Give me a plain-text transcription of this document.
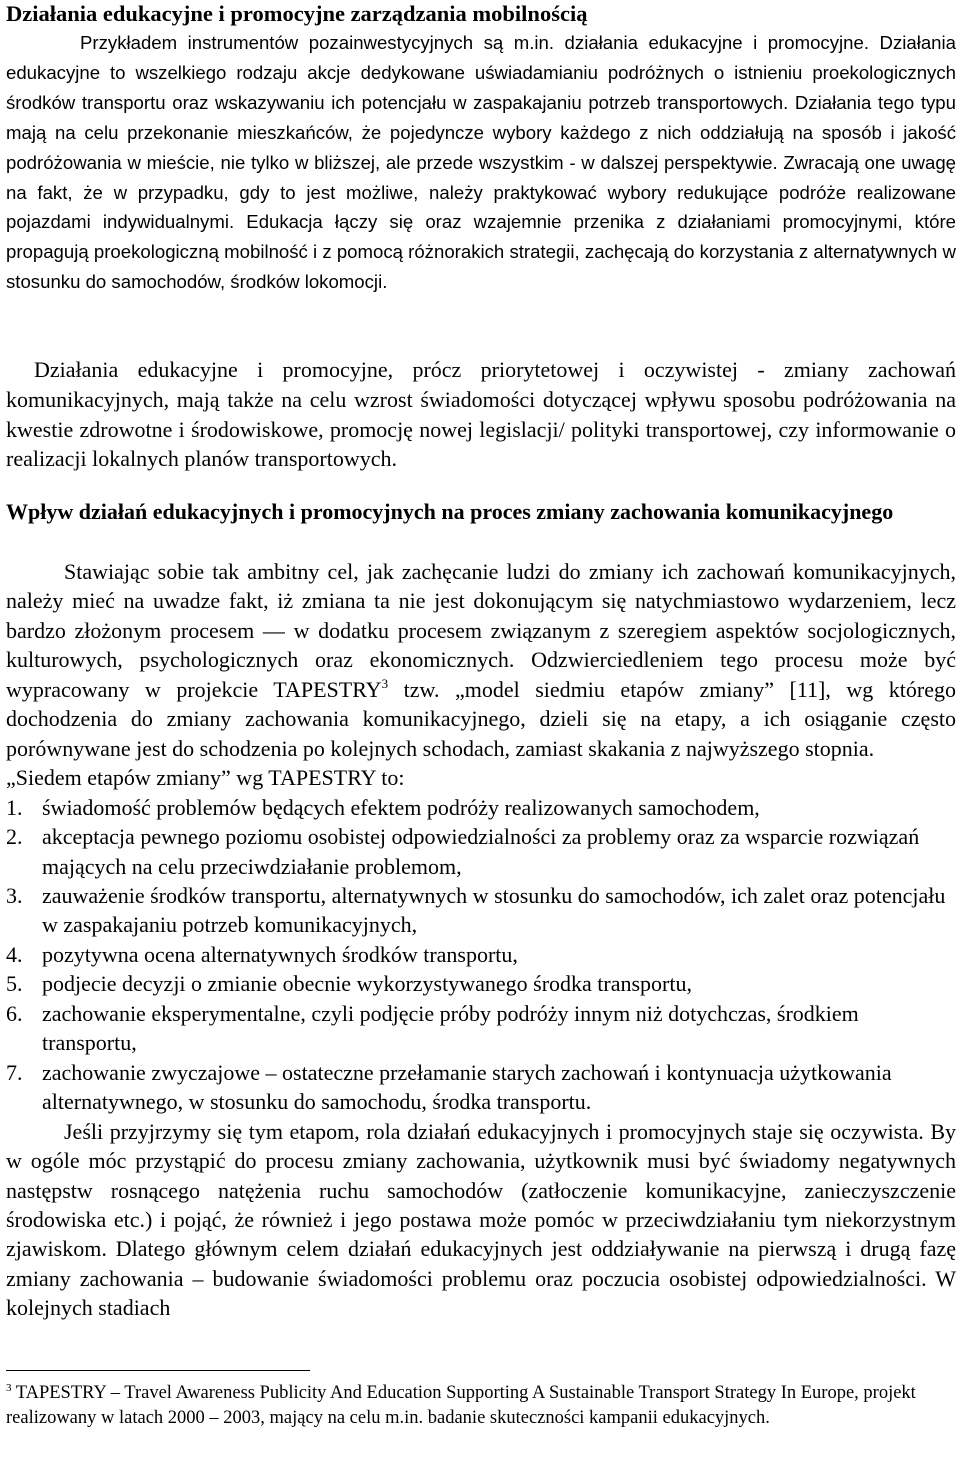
Działania edukacyjne i promocyjne zarządzania mobilnością

Przykładem instrumentów pozainwestycyjnych są m.in. działania edukacyjne i promocyjne. Działania edukacyjne to wszelkiego rodzaju akcje dedykowane uświadamianiu podróżnych o istnieniu proekologicznych środków transportu oraz wskazywaniu ich potencjału w zaspakajaniu potrzeb transportowych. Działania tego typu mają na celu przekonanie mieszkańców, że pojedyncze wybory każdego z nich oddziałują na sposób i jakość podróżowania w mieście, nie tylko w bliższej, ale przede wszystkim - w dalszej perspektywie. Zwracają one uwagę na fakt, że w przypadku, gdy to jest możliwe, należy praktykować wybory redukujące podróże realizowane pojazdami indywidualnymi. Edukacja łączy się oraz wzajemnie przenika z działaniami promocyjnymi, które propagują proekologiczną mobilność i z pomocą różnorakich strategii, zachęcają do korzystania z alternatywnych w stosunku do samochodów, środków lokomocji.

Działania edukacyjne i promocyjne, prócz priorytetowej i oczywistej - zmiany zachowań komunikacyjnych, mają także na celu wzrost świadomości dotyczącej wpływu sposobu podróżowania na kwestie zdrowotne i środowiskowe, promocję nowej legislacji/ polityki transportowej, czy informowanie o realizacji lokalnych planów transportowych.

Wpływ działań edukacyjnych i promocyjnych na proces zmiany zachowania komunikacyjnego

Stawiając sobie tak ambitny cel, jak zachęcanie ludzi do zmiany ich zachowań komunikacyjnych, należy mieć na uwadze fakt, iż zmiana ta nie jest dokonującym się natychmiastowo wydarzeniem, lecz bardzo złożonym procesem — w dodatku procesem związanym z szeregiem aspektów socjologicznych, kulturowych, psychologicznych oraz ekonomicznych. Odzwierciedleniem tego procesu może być wypracowany w projekcie TAPESTRY$^3$ tzw. „model siedmiu etapów zmiany” [11], wg którego dochodzenia do zmiany zachowania komunikacyjnego, dzieli się na etapy, a ich osiąganie często porównywane jest do schodzenia po kolejnych schodach, zamiast skakania z najwyższego stopnia.

„Siedem etapów zmiany” wg TAPESTRY to:

1. świadomość problemów będących efektem podróży realizowanych samochodem,
2. akceptacja pewnego poziomu osobistej odpowiedzialności za problemy oraz za wsparcie rozwiązań mających na celu przeciwdziałanie problemom,
3. zauważenie środków transportu, alternatywnych w stosunku do samochodów, ich zalet oraz potencjału w zaspakajaniu potrzeb komunikacyjnych,
4. pozytywna ocena alternatywnych środków transportu,
5. podjecie decyzji o zmianie obecnie wykorzystywanego środka transportu,
6. zachowanie eksperymentalne, czyli podjęcie próby podróży innym niż dotychczas, środkiem transportu,
7. zachowanie zwyczajowe – ostateczne przełamanie starych zachowań i kontynuacja użytkowania alternatywnego, w stosunku do samochodu, środka transportu.

Jeśli przyjrzymy się tym etapom, rola działań edukacyjnych i promocyjnych staje się oczywista. By w ogóle móc przystąpić do procesu zmiany zachowania, użytkownik musi być świadomy negatywnych następstw rosnącego natężenia ruchu samochodów (zatłoczenie komunikacyjne, zanieczyszczenie środowiska etc.) i pojąć, że również i jego postawa może pomóc w przeciwdziałaniu tym niekorzystnym zjawiskom. Dlatego głównym celem działań edukacyjnych jest oddziaływanie na pierwszą i drugą fazę zmiany zachowania – budowanie świadomości problemu oraz poczucia osobistej odpowiedzialności. W kolejnych stadiach

$^3$ TAPESTRY – Travel Awareness Publicity And Education Supporting A Sustainable Transport Strategy In Europe, projekt realizowany w latach 2000 – 2003, mający na celu m.in. badanie skuteczności kampanii edukacyjnych.
